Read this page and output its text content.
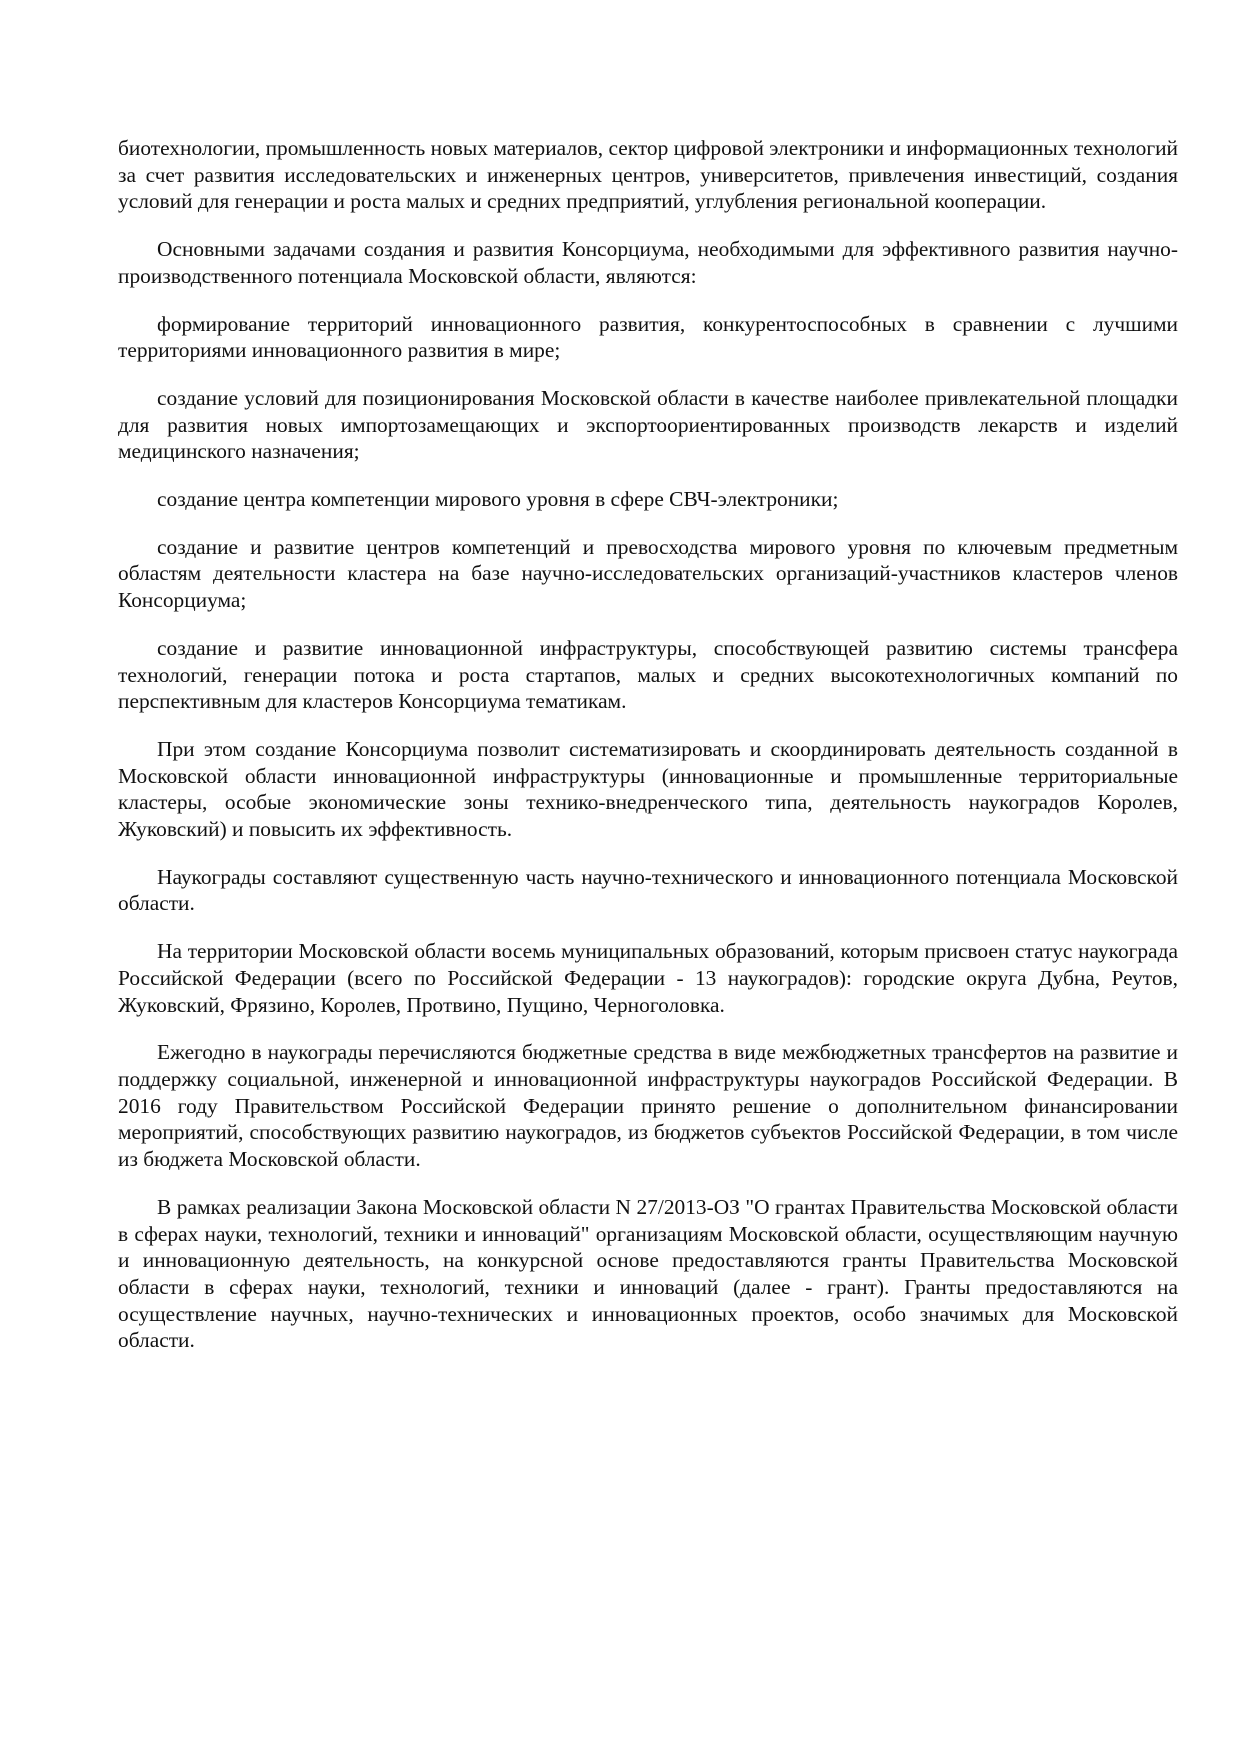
биотехнологии, промышленность новых материалов, сектор цифровой электроники и информационных технологий за счет развития исследовательских и инженерных центров, университетов, привлечения инвестиций, создания условий для генерации и роста малых и средних предприятий, углубления региональной кооперации.

Основными задачами создания и развития Консорциума, необходимыми для эффективного развития научно-производственного потенциала Московской области, являются:

формирование территорий инновационного развития, конкурентоспособных в сравнении с лучшими территориями инновационного развития в мире;

создание условий для позиционирования Московской области в качестве наиболее привлекательной площадки для развития новых импортозамещающих и экспортоориентированных производств лекарств и изделий медицинского назначения;

создание центра компетенции мирового уровня в сфере СВЧ-электроники;

создание и развитие центров компетенций и превосходства мирового уровня по ключевым предметным областям деятельности кластера на базе научно-исследовательских организаций-участников кластеров членов Консорциума;

создание и развитие инновационной инфраструктуры, способствующей развитию системы трансфера технологий, генерации потока и роста стартапов, малых и средних высокотехнологичных компаний по перспективным для кластеров Консорциума тематикам.

При этом создание Консорциума позволит систематизировать и скоординировать деятельность созданной в Московской области инновационной инфраструктуры (инновационные и промышленные территориальные кластеры, особые экономические зоны технико-внедренческого типа, деятельность наукоградов Королев, Жуковский) и повысить их эффективность.

Наукограды составляют существенную часть научно-технического и инновационного потенциала Московской области.

На территории Московской области восемь муниципальных образований, которым присвоен статус наукограда Российской Федерации (всего по Российской Федерации - 13 наукоградов): городские округа Дубна, Реутов, Жуковский, Фрязино, Королев, Протвино, Пущино, Черноголовка.

Ежегодно в наукограды перечисляются бюджетные средства в виде межбюджетных трансфертов на развитие и поддержку социальной, инженерной и инновационной инфраструктуры наукоградов Российской Федерации. В 2016 году Правительством Российской Федерации принято решение о дополнительном финансировании мероприятий, способствующих развитию наукоградов, из бюджетов субъектов Российской Федерации, в том числе из бюджета Московской области.

В рамках реализации Закона Московской области N 27/2013-ОЗ "О грантах Правительства Московской области в сферах науки, технологий, техники и инноваций" организациям Московской области, осуществляющим научную и инновационную деятельность, на конкурсной основе предоставляются гранты Правительства Московской области в сферах науки, технологий, техники и инноваций (далее - грант). Гранты предоставляются на осуществление научных, научно-технических и инновационных проектов, особо значимых для Московской области.
